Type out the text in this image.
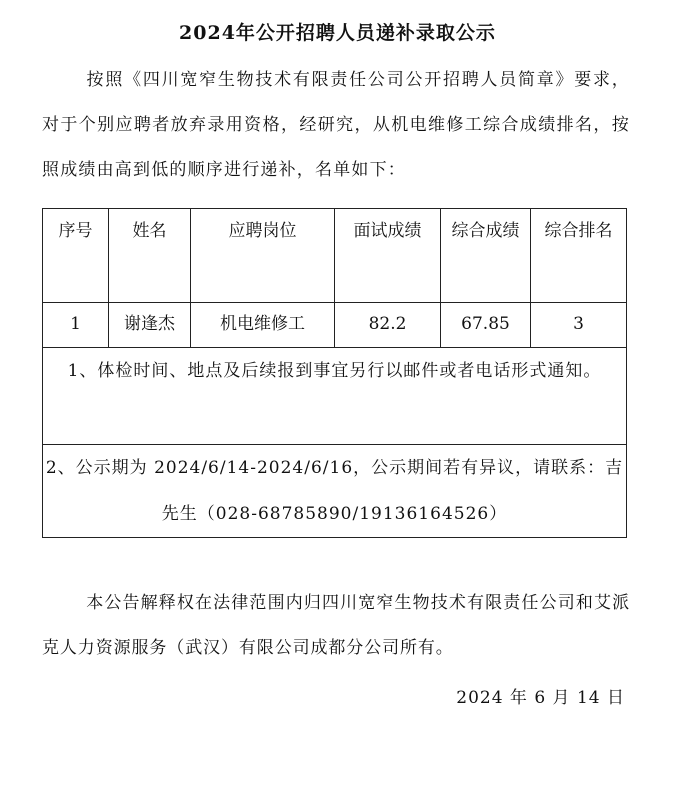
2024年公开招聘人员递补录取公示
按照《四川宽窄生物技术有限责任公司公开招聘人员简章》要求，对于个别应聘者放弃录用资格，经研究，从机电维修工综合成绩排名，按照成绩由高到低的顺序进行递补，名单如下：
序号	姓名	应聘岗位	面试成绩	综合成绩	综合排名

1	谢逢杰	机电维修工	82.2	67.85	3

1、体检时间、地点及后续报到事宜另行以邮件或者电话形式通知。					
2、公示期为 2024/6/14-2024/6/16，公示期间若有异议，请联系：吉先生（028-68785890/19136164526）					
本公告解释权在法律范围内归四川宽窄生物技术有限责任公司和艾派克人力资源服务（武汉）有限公司成都分公司所有。
2024 年 6 月 14 日
